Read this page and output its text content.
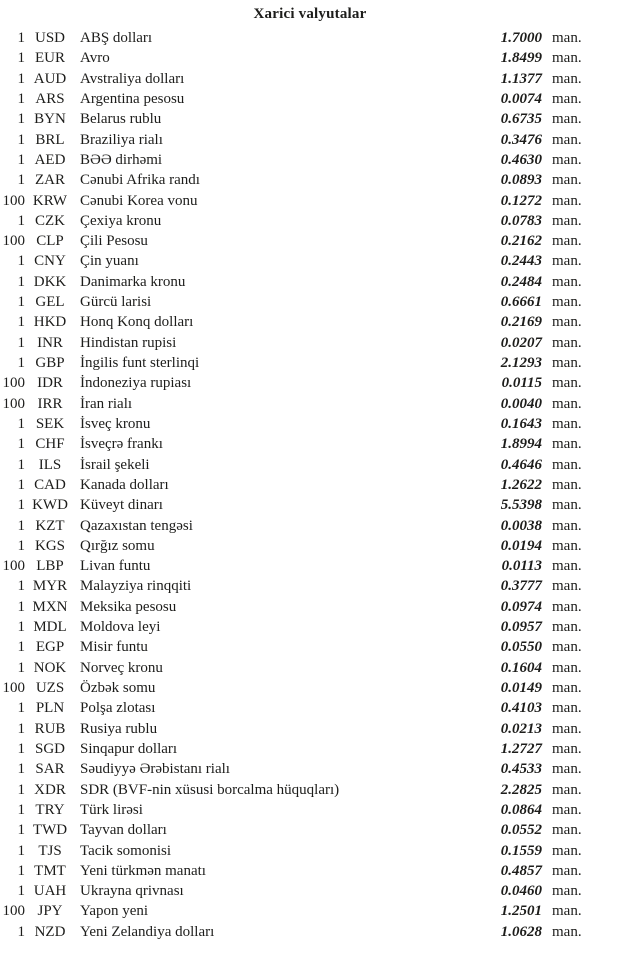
Xarici valyutalar
1 USD	ABŞ dolları	1.7000 man.
1 EUR	Avro	1.8499 man.
1 AUD Avstraliya dolları	1.1377 man.
1 ARS	Argentina pesosu	0.0074 man.
1 BYN Belarus rublu	0.6735 man.
1 BRL	Braziliya rialı	0.3476 man.
1 AED BƏƏ dirhəmi	0.4630 man.
1 ZAR	Cənubi Afrika randı	0.0893 man.
100 KRW Cənubi Korea vonu	0.1272 man.
1 CZK	Çexiya kronu	0.0783 man.
100 CLP	Çili Pesosu	0.2162 man.
1 CNY Çin yuanı	0.2443 man.
1 DKK Danimarka kronu	0.2484 man.
1 GEL	Gürcü larisi	0.6661 man.
1 HKD Honq Konq dolları	0.2169 man.
1 INR	Hindistan rupisi	0.0207 man.
1 GBP	İngilis funt sterlinqi	2.1293 man.
100 IDR	İndoneziya rupiası	0.0115 man.
100 IRR	İran rialı	0.0040 man.
1 SEK	İsveç kronu	0.1643 man.
1 CHF	İsveçrə frankı	1.8994 man.
1 ILS	İsrail şekeli	0.4646 man.
1 CAD Kanada dolları	1.2622 man.
1 KWD Küveyt dinarı	5.5398 man.
1 KZT	Qazaxıstan tengəsi	0.0038 man.
1 KGS	Qırğız somu	0.0194 man.
100 LBP	Livan funtu	0.0113 man.
1 MYR Malayziya rinqqiti	0.3777 man.
1 MXN Meksika pesosu	0.0974 man.
1 MDL Moldova leyi	0.0957 man.
1 EGP	Misir funtu	0.0550 man.
1 NOK Norveç kronu	0.1604 man.
100 UZS	Özbək somu	0.0149 man.
1 PLN	Polşa zlotası	0.4103 man.
1 RUB Rusiya rublu	0.0213 man.
1 SGD	Sinqapur dolları	1.2727 man.
1 SAR	Səudiyyə Ərəbistanı rialı	0.4533 man.
1 XDR SDR (BVF-nin xüsusi borcalma hüquqları)	2.2825 man.
1 TRY	Türk lirəsi	0.0864 man.
1 TWD Tayvan dolları	0.0552 man.
1 TJS	Tacik somonisi	0.1559 man.
1 TMT Yeni türkmən manatı	0.4857 man.
1 UAH Ukrayna qrivnası	0.0460 man.
100 JPY	Yapon yeni	1.2501 man.
1 NZD Yeni Zelandiya dolları	1.0628 man.
